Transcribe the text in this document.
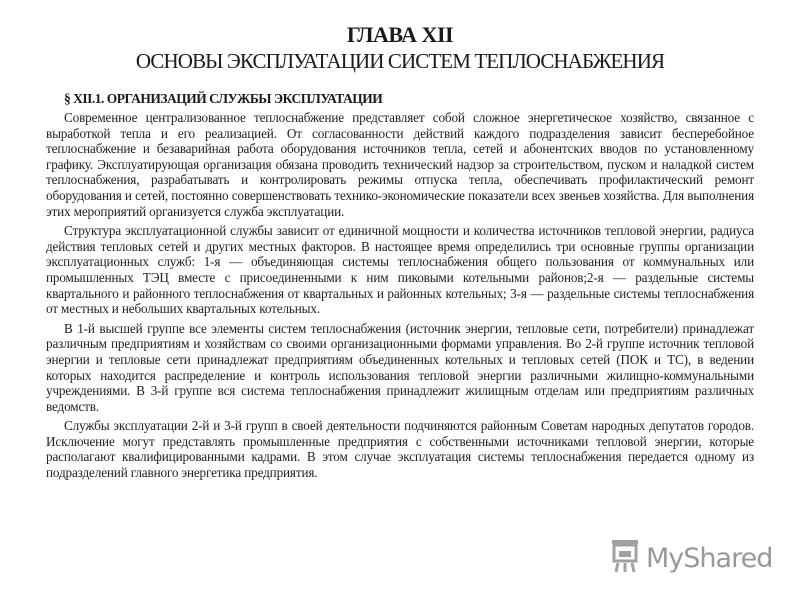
ГЛАВА XII
ОСНОВЫ ЭКСПЛУАТАЦИИ СИСТЕМ ТЕПЛОСНАБЖЕНИЯ
§ XII.1. ОРГАНИЗАЦИЙ СЛУЖБЫ ЭКСПЛУАТАЦИИ

Современное централизованное теплоснабжение представляет собой сложное энергетическое хозяйство, связанное с выработкой тепла и его реализацией. От согласованности действий каждого подразделения зависит бесперебойное теплоснабжение и безаварийная работа оборудования источников тепла, сетей и абонентских вводов по установленному графику. Эксплуатирующая организация обязана проводить технический надзор за строительством, пуском и наладкой систем теплоснабжения, разрабатывать и контролировать режимы отпуска тепла, обеспечивать профилактический ремонт оборудования и сетей, постоянно совершенствовать технико-экономические показатели всех звеньев хозяйства. Для выполнения этих мероприятий организуется служба эксплуатации.

Структура эксплуатационной службы зависит от единичной мощности и количества источников тепловой энергии, радиуса действия тепловых сетей и других местных факторов. В настоящее время определились три основные группы организации эксплуатационных служб: 1-я — объединяющая системы теплоснабжения общего пользования от коммунальных или промышленных ТЭЦ вместе с присоединенными к ним пиковыми котельными районов;2-я — раздельные системы квартального и районного теплоснабжения от квартальных и районных котельных; 3-я — раздельные системы теплоснабжения от местных и небольших квартальных котельных.

В 1-й высшей группе все элементы систем теплоснабжения (источник энергии, тепловые сети, потребители) принадлежат различным предприятиям и хозяйствам со своими организационными формами управления. Во 2-й группе источник тепловой энергии и тепловые сети принадлежат предприятиям объединенных котельных и тепловых сетей (ПОК и ТС), в ведении которых находится распределение и контроль использования тепловой энергии различными жилищно-коммунальными учреждениями. В 3-й группе вся система теплоснабжения принадлежит жилищным отделам или предприятиям различных ведомств.

Службы эксплуатации 2-й и 3-й групп в своей деятельности подчиняются районным Советам народных депутатов городов. Исключение могут представлять промышленные предприятия с собственными источниками тепловой энергии, которые располагают квалифицированными кадрами. В этом случае эксплуатация системы теплоснабжения передается одному из подразделений главного энергетика предприятия.

MyShared
